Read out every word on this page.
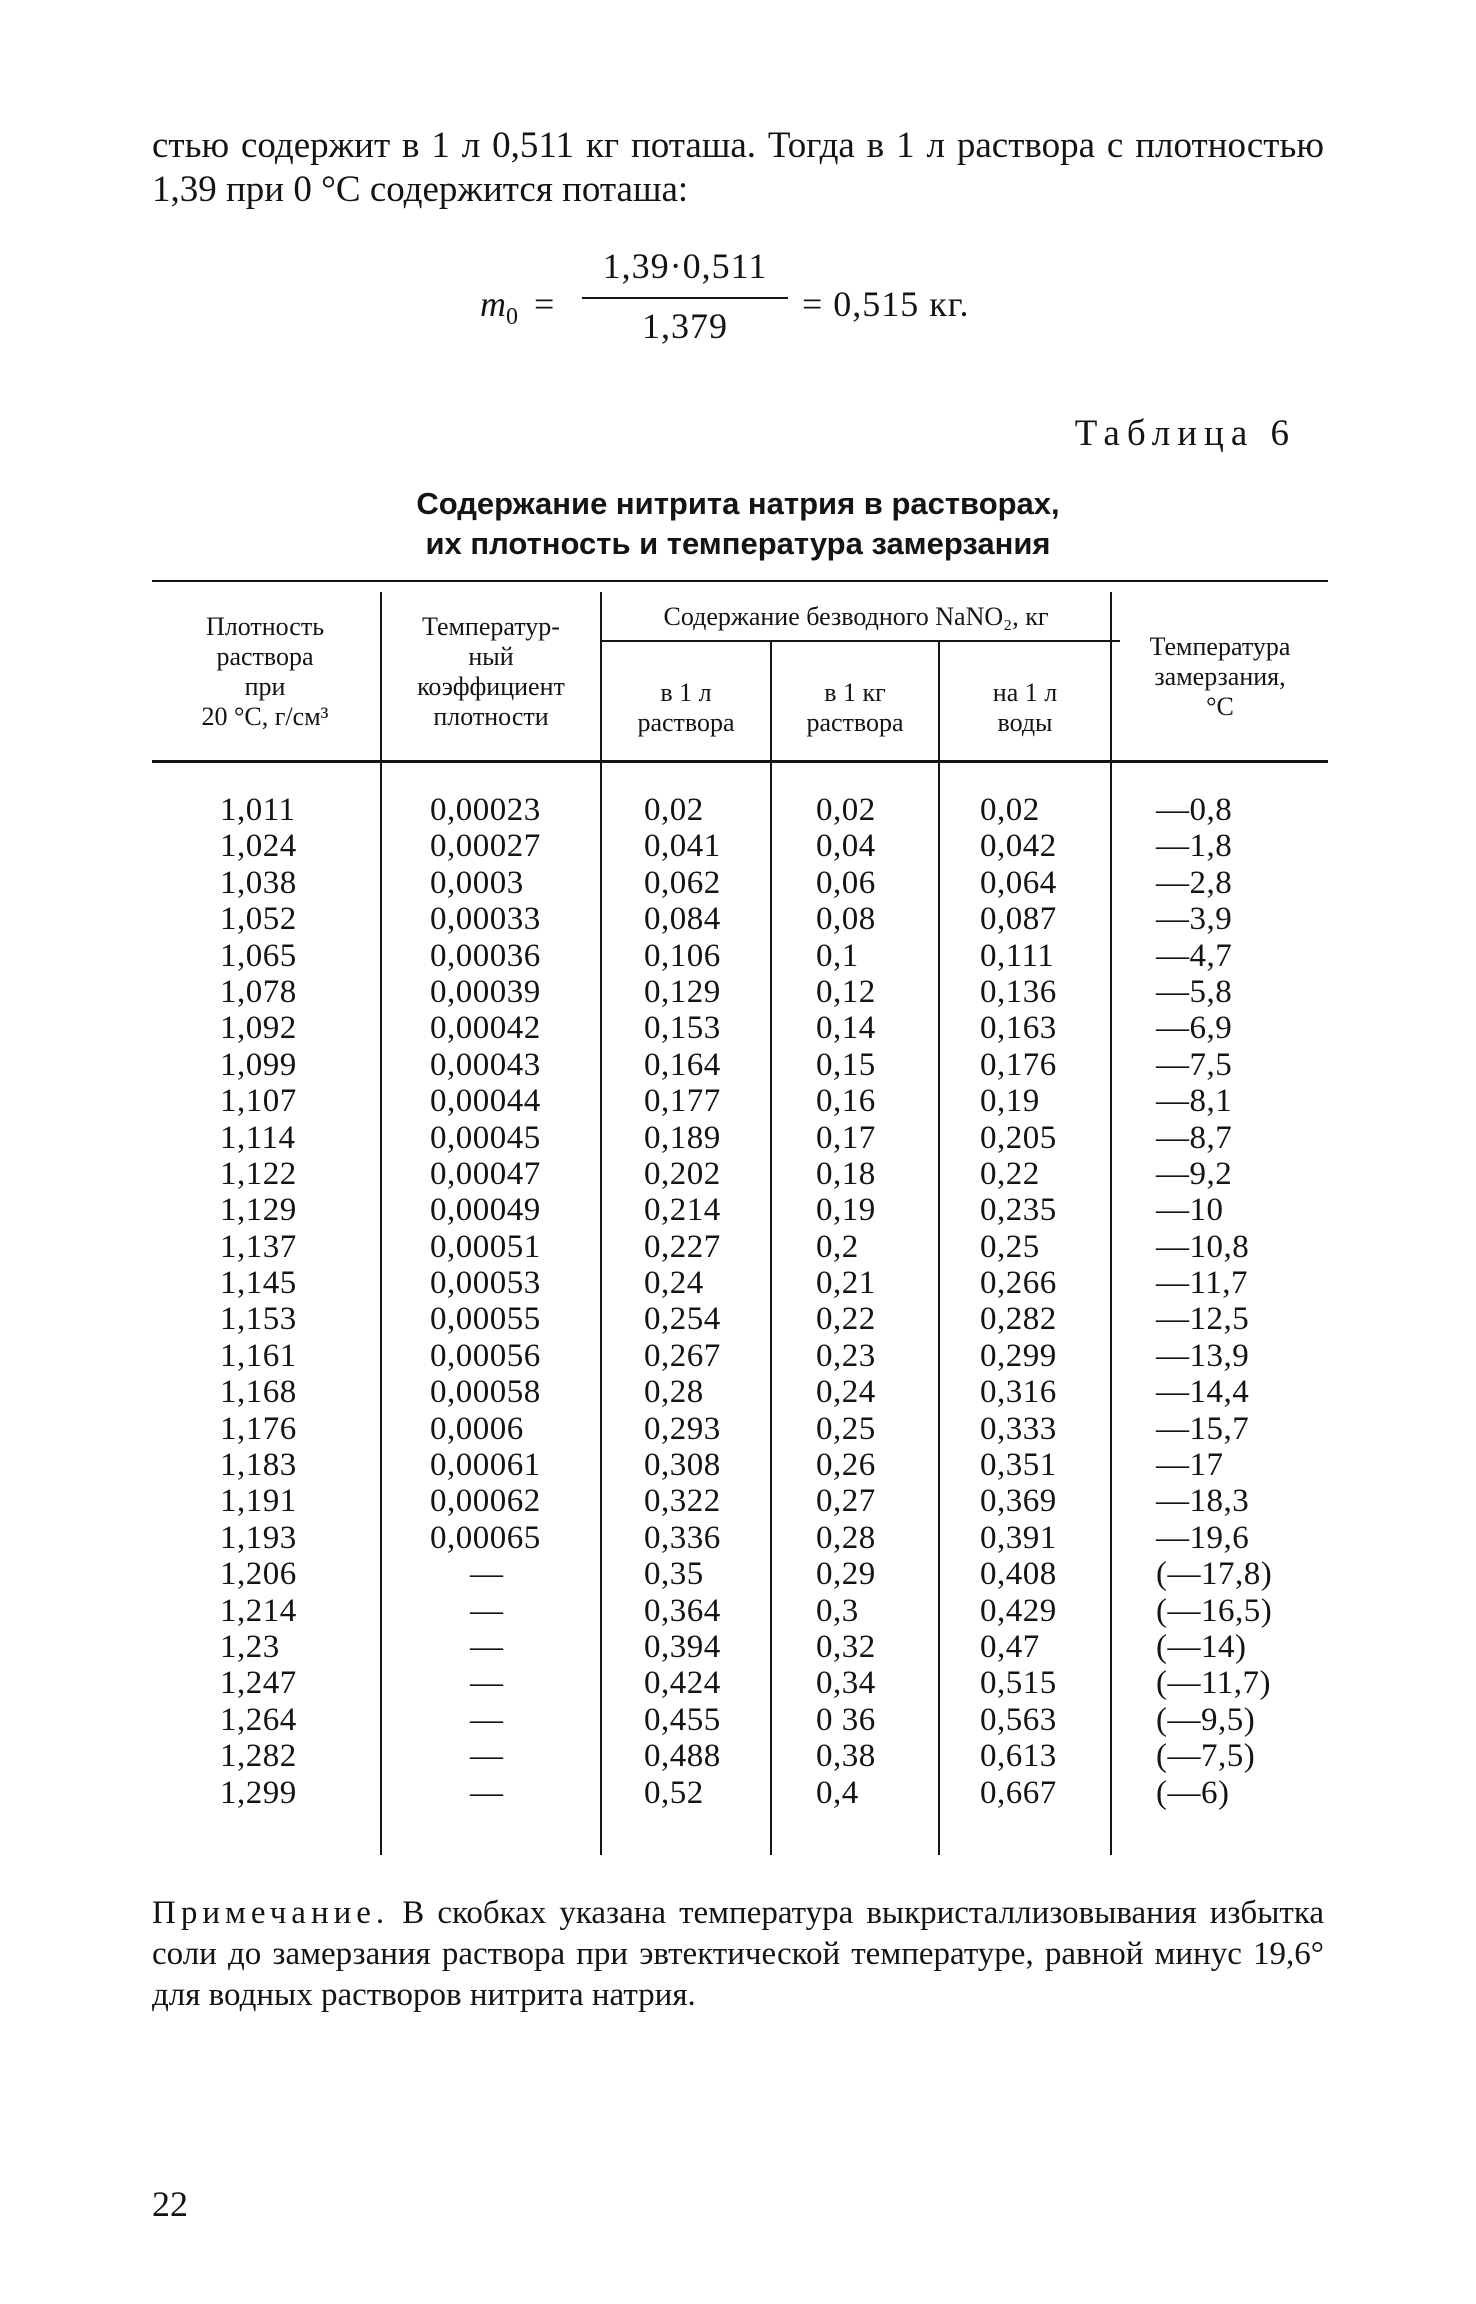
стью содержит в 1 л 0,511 кг поташа. Тогда в 1 л раствора с плотностью 1,39 при 0 °С содержится поташа:

$m_0$ =
1,39·0,511
1,379
= 0,515 кг.
Таблица 6
Содержание нитрита натрия в растворах,
их плотность и температура замерзания
Плотность
раствора
при
20 °С, г/см³
Температур-
ный
коэффициент
плотности
Содержание безводного NaNO₂, кг
в 1 л
раствора
в 1 кг
раствора
на 1 л
воды
Температура
замерзания,
°С
1,011
1,024
1,038
1,052
1,065
1,078
1,092
1,099
1,107
1,114
1,122
1,129
1,137
1,145
1,153
1,161
1,168
1,176
1,183
1,191
1,193
1,206
1,214
1,23
1,247
1,264
1,282
1,299
0,00023
0,00027
0,0003
0,00033
0,00036
0,00039
0,00042
0,00043
0,00044
0,00045
0,00047
0,00049
0,00051
0,00053
0,00055
0,00056
0,00058
0,0006
0,00061
0,00062
0,00065
—
—
—
—
—
—
—
0,02
0,041
0,062
0,084
0,106
0,129
0,153
0,164
0,177
0,189
0,202
0,214
0,227
0,24
0,254
0,267
0,28
0,293
0,308
0,322
0,336
0,35
0,364
0,394
0,424
0,455
0,488
0,52
0,02
0,04
0,06
0,08
0,1
0,12
0,14
0,15
0,16
0,17
0,18
0,19
0,2
0,21
0,22
0,23
0,24
0,25
0,26
0,27
0,28
0,29
0,3
0,32
0,34
0 36
0,38
0,4
0,02
0,042
0,064
0,087
0,111
0,136
0,163
0,176
0,19
0,205
0,22
0,235
0,25
0,266
0,282
0,299
0,316
0,333
0,351
0,369
0,391
0,408
0,429
0,47
0,515
0,563
0,613
0,667
—0,8
—1,8
—2,8
—3,9
—4,7
—5,8
—6,9
—7,5
—8,1
—8,7
—9,2
—10
—10,8
—11,7
—12,5
—13,9
—14,4
—15,7
—17
—18,3
—19,6
(—17,8)
(—16,5)
(—14)
(—11,7)
(—9,5)
(—7,5)
(—6)

Примечание. В скобках указана температура выкристаллизовывания избытка соли до замерзания раствора при эвтектической температуре, равной минус 19,6° для водных растворов нитрита натрия.

22
